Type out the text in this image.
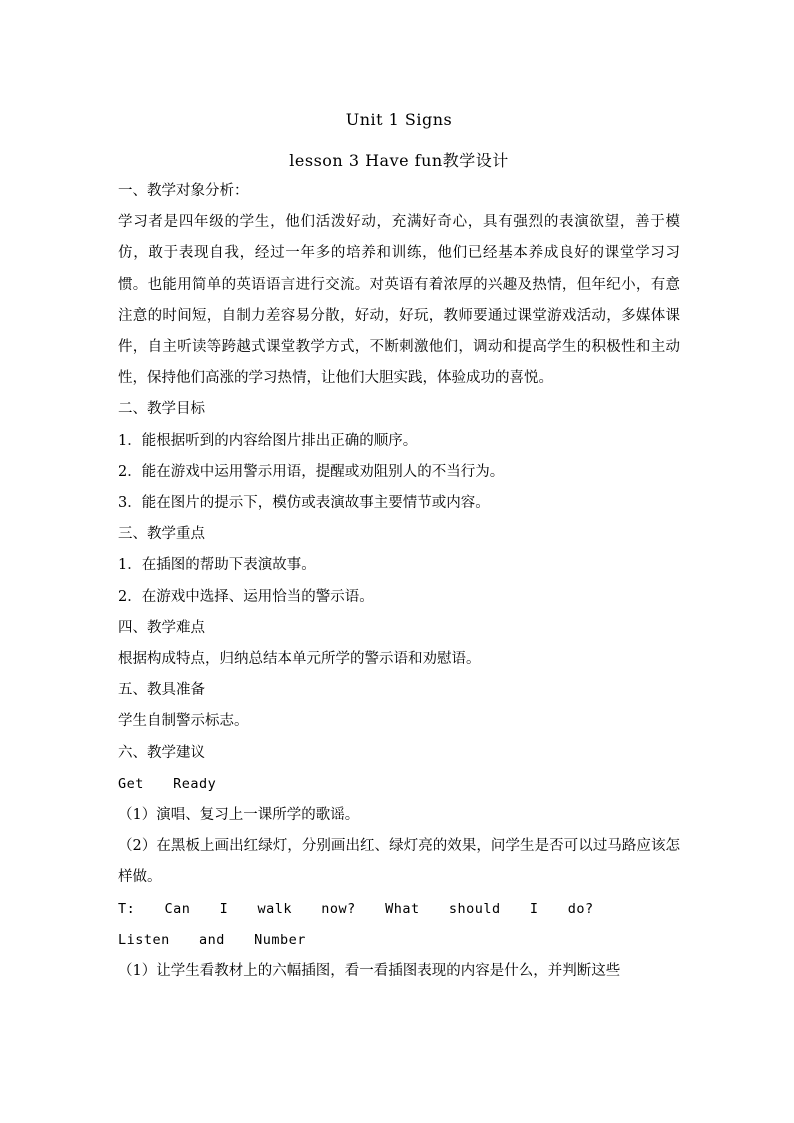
Unit 1 Signs
lesson 3 Have fun教学设计

一、教学对象分析：

学习者是四年级的学生，他们活泼好动，充满好奇心，具有强烈的表演欲望，善于模仿，敢于表现自我，经过一年多的培养和训练，他们已经基本养成良好的课堂学习习惯。也能用简单的英语语言进行交流。对英语有着浓厚的兴趣及热情，但年纪小，有意注意的时间短，自制力差容易分散，好动，好玩，教师要通过课堂游戏活动，多媒体课件，自主听读等跨越式课堂教学方式，不断刺激他们，调动和提高学生的积极性和主动性，保持他们高涨的学习热情，让他们大胆实践，体验成功的喜悦。

二、教学目标

1．能根据听到的内容给图片排出正确的顺序。

2．能在游戏中运用警示用语，提醒或劝阻别人的不当行为。

3．能在图片的提示下，模仿或表演故事主要情节或内容。

三、教学重点

1．在插图的帮助下表演故事。

2．在游戏中选择、运用恰当的警示语。

四、教学难点

根据构成特点，归纳总结本单元所学的警示语和劝慰语。

五、教具准备

学生自制警示标志。

六、教学建议

Get  Ready

（1）演唱、复习上一课所学的歌谣。

（2）在黑板上画出红绿灯，分别画出红、绿灯亮的效果，问学生是否可以过马路应该怎样做。

T:  Can  I  walk  now?  What  should  I  do?

Listen  and  Number

（1）让学生看教材上的六幅插图，看一看插图表现的内容是什么，并判断这些
